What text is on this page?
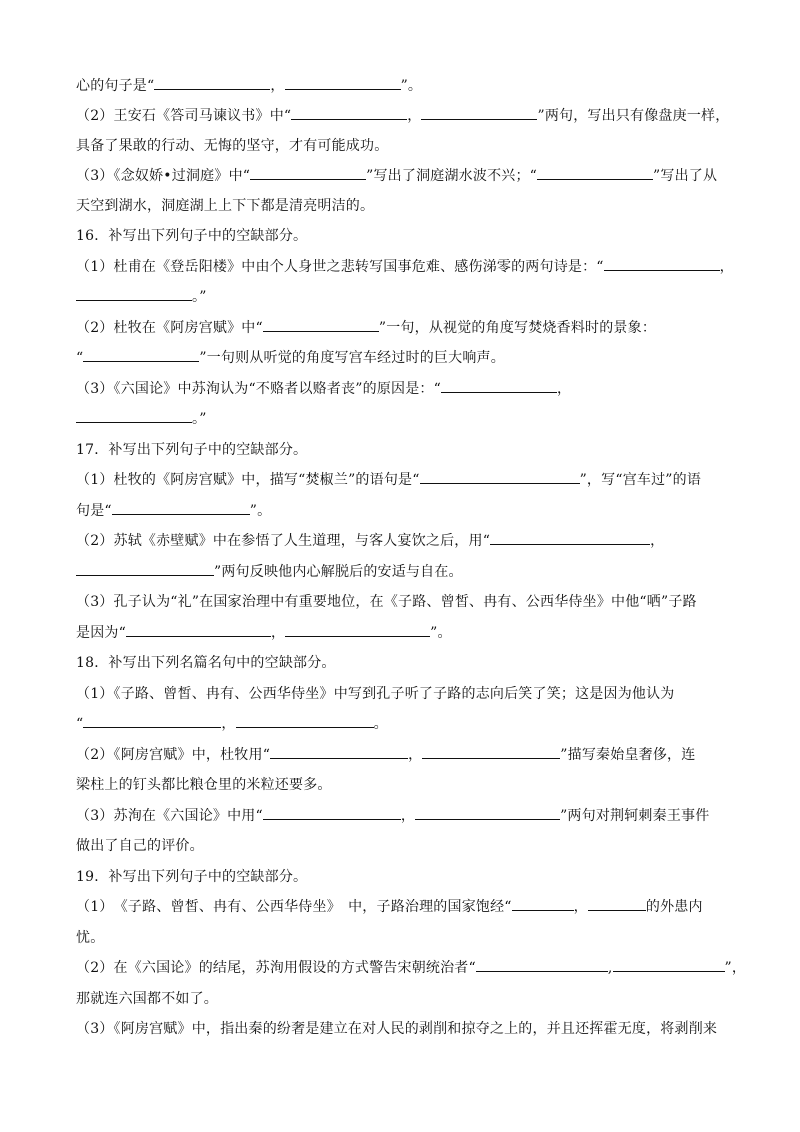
心的句子是“	，	”。
（2）王安石《答司马谏议书》中“	，	”两句，写出只有像盘庚一样，
具备了果敢的行动、无悔的坚守，才有可能成功。
（3）《念奴娇•过洞庭》中“	”写出了洞庭湖水波不兴；“	”写出了从
天空到湖水，洞庭湖上上下下都是清亮明洁的。
16．补写出下列句子中的空缺部分。
（1）杜甫在《登岳阳楼》中由个人身世之悲转写国事危难、感伤涕零的两句诗是：“	，
。”
（2）杜牧在《阿房宫赋》中“	”一句，从视觉的角度写焚烧香料时的景象：
“	”一句则从听觉的角度写宫车经过时的巨大响声。
（3）《六国论》中苏洵认为“不赂者以赂者丧”的原因是：“	，
。”
17．补写出下列句子中的空缺部分。
（1）杜牧的《阿房宫赋》中，描写“焚椒兰”的语句是“	”，写“宫车过”的语
句是“	”。
（2）苏轼《赤壁赋》中在参悟了人生道理，与客人宴饮之后，用“	，
”两句反映他内心解脱后的安适与自在。
（3）孔子认为“礼”在国家治理中有重要地位，在《子路、曾皙、冉有、公西华侍坐》中他“哂”子路
是因为“	，	”。
18．补写出下列名篇名句中的空缺部分。
（1）《子路、曾皙、冉有、公西华侍坐》中写到孔子听了子路的志向后笑了笑；这是因为他认为
“	，	。
（2）《阿房宫赋》中，杜牧用“	，	”描写秦始皇奢侈，连
梁柱上的钉头都比粮仓里的米粒还要多。
（3）苏洵在《六国论》中用“	，	”两句对荆轲刺秦王事件
做出了自己的评价。
19．补写出下列句子中的空缺部分。
（1）　《子路、曾皙、冉有、公西华侍坐》　中，子路治理的国家饱经“	，	的外患内
忧。
（2）在《六国论》的结尾，苏洵用假设的方式警告宋朝统治者“	,	”，
那就连六国都不如了。
（3）《阿房宫赋》中，指出秦的纷奢是建立在对人民的剥削和掠夺之上的，并且还挥霍无度，将剥削来
